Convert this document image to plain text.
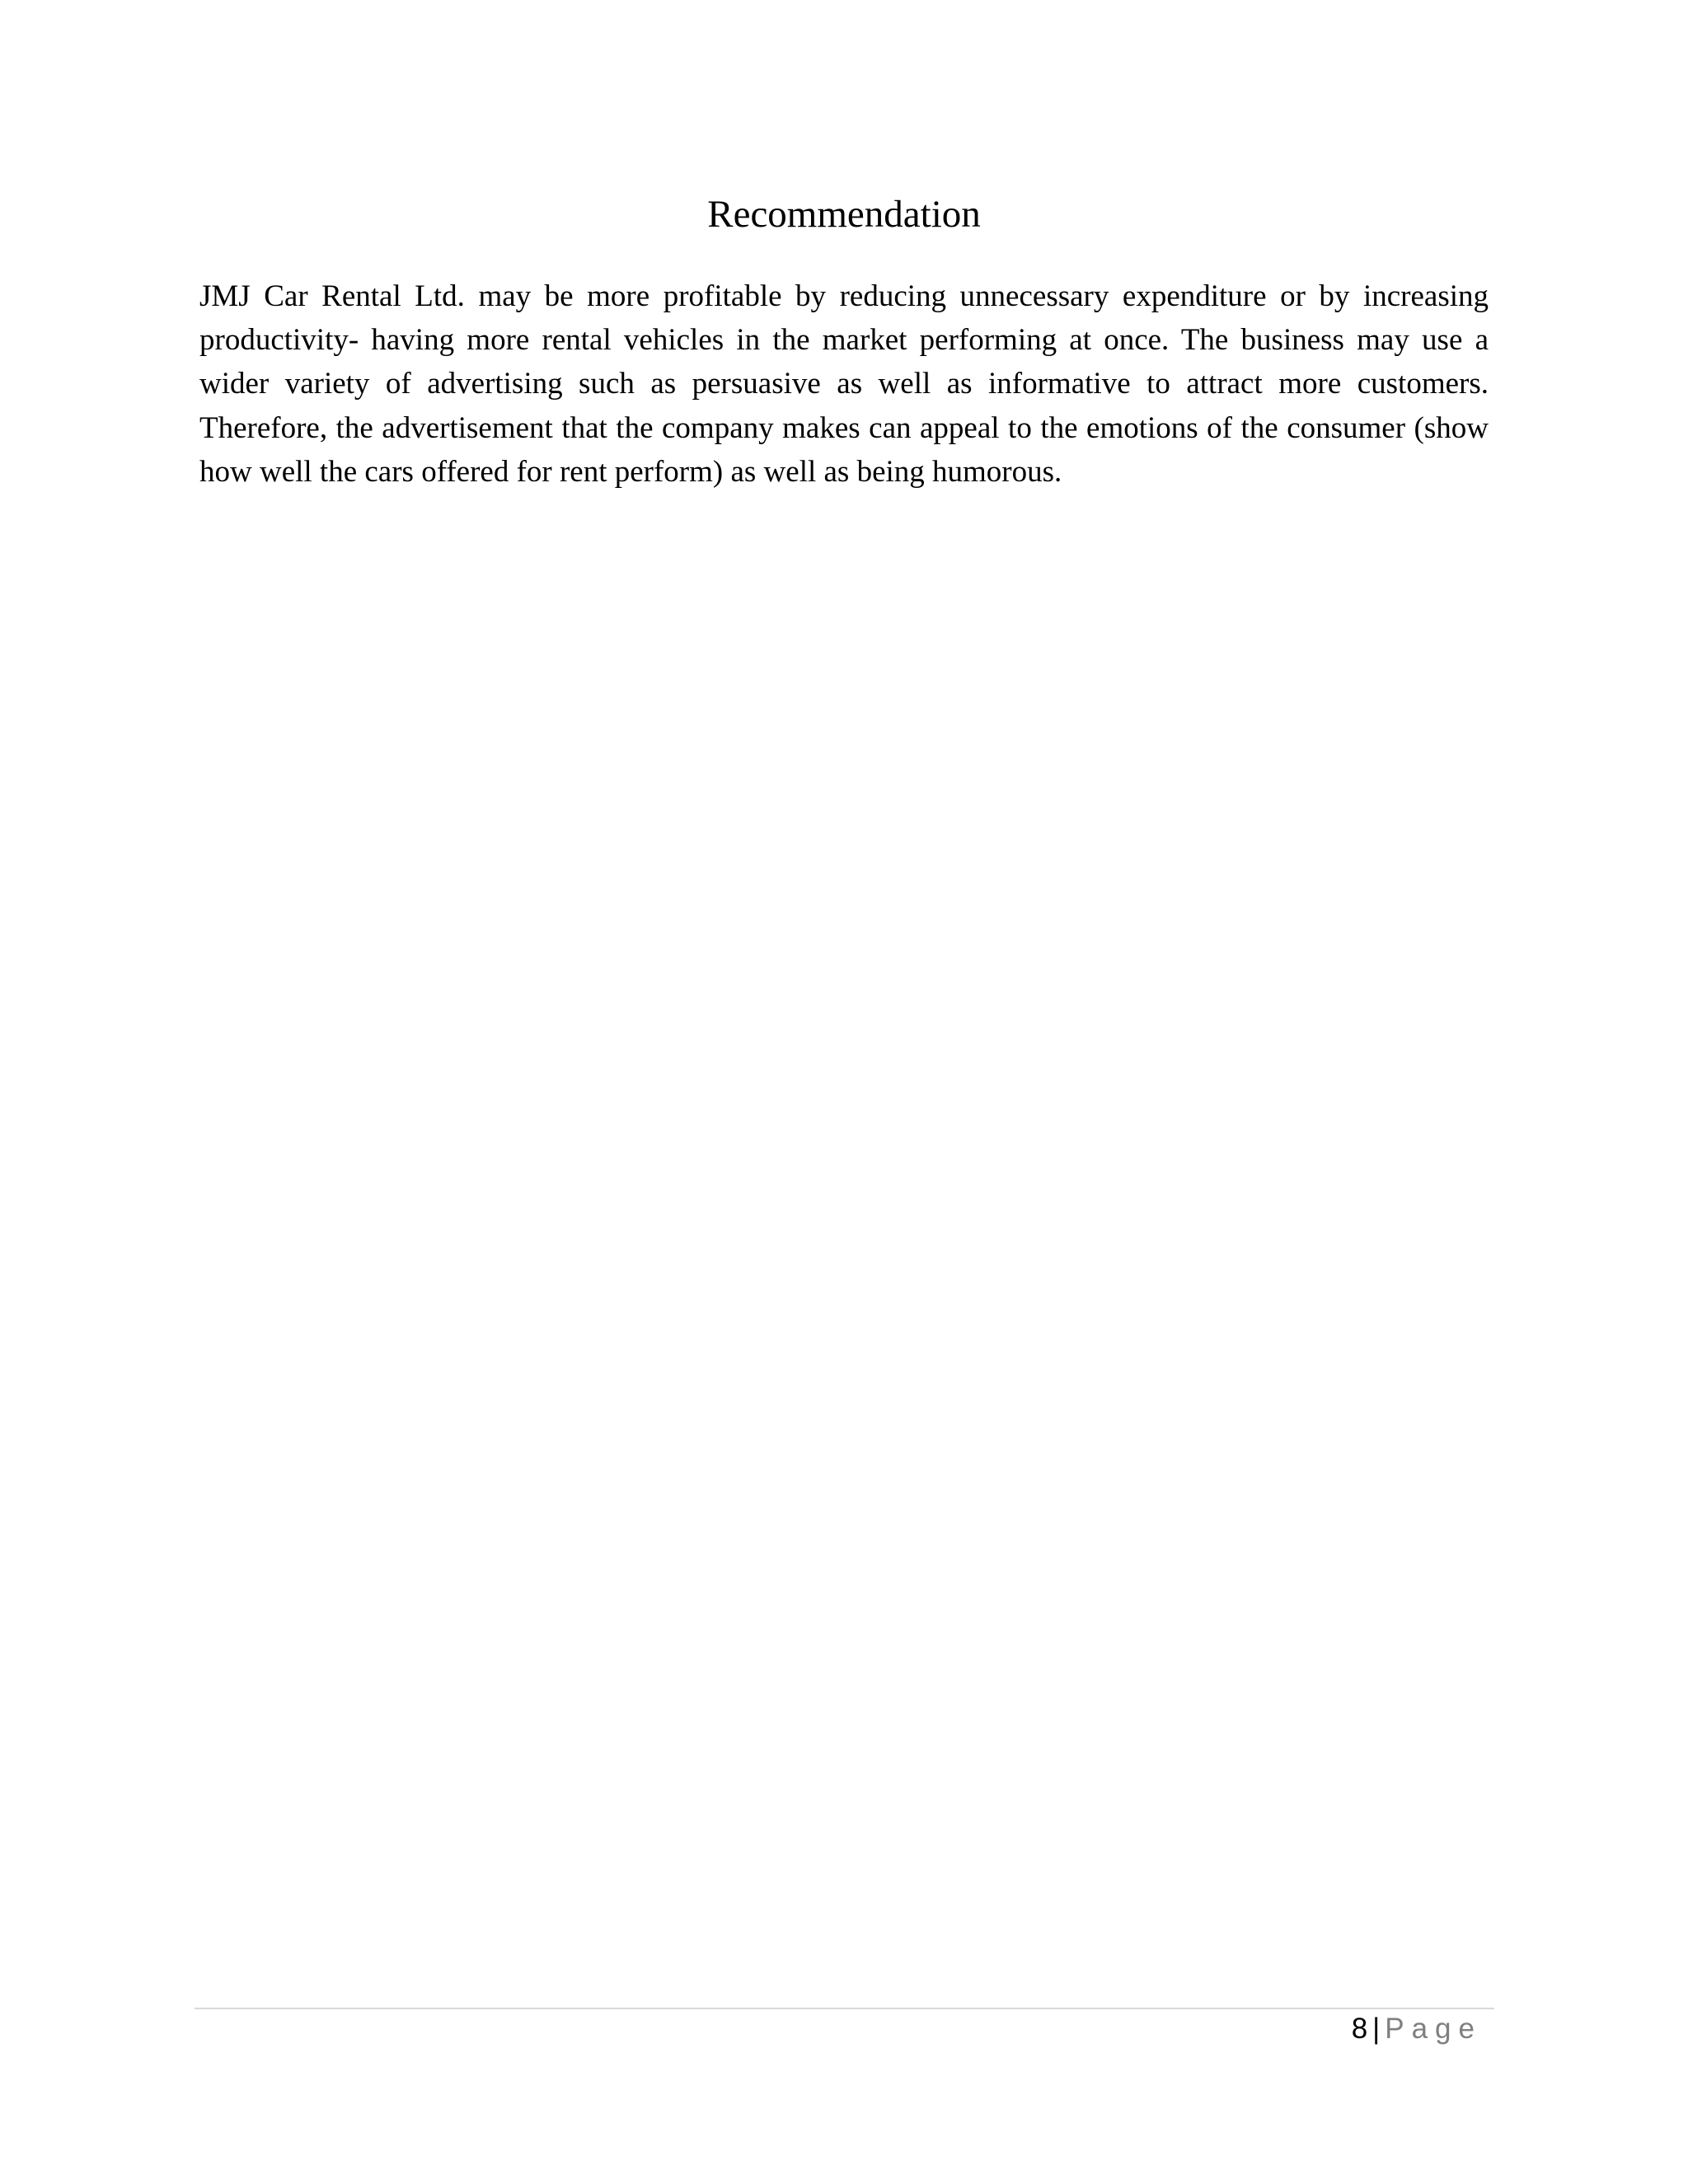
Recommendation

JMJ Car Rental Ltd. may be more profitable by reducing unnecessary expenditure or by increasing productivity- having more rental vehicles in the market performing at once. The business may use a wider variety of advertising such as persuasive as well as informative to attract more customers. Therefore, the advertisement that the company makes can appeal to the emotions of the consumer (show how well the cars offered for rent perform) as well as being humorous.

8 | Page
